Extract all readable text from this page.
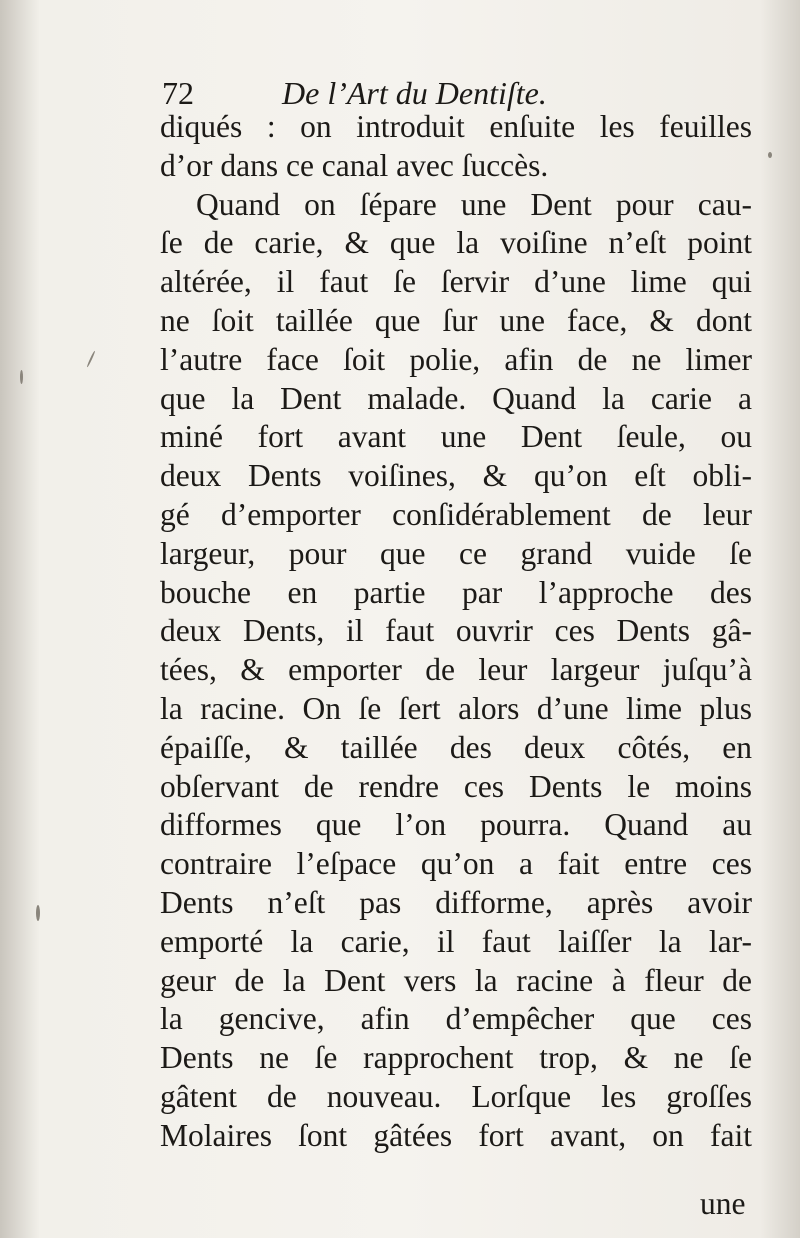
72	De l’Art du Dentiſte.
diqués : on introduit enſuite les feuilles
d’or dans ce canal avec ſuccès.
Quand on ſépare une Dent pour cau-
ſe de carie, & que la voiſine n’eſt point
altérée, il faut ſe ſervir d’une lime qui
ne ſoit taillée que ſur une face, & dont
l’autre face ſoit polie, afin de ne limer
que la Dent malade. Quand la carie a
miné fort avant une Dent ſeule, ou
deux Dents voiſines, & qu’on eſt obli-
gé d’emporter conſidérablement de leur
largeur, pour que ce grand vuide ſe
bouche en partie par l’approche des
deux Dents, il faut ouvrir ces Dents gâ-
tées, & emporter de leur largeur juſqu’à
la racine. On ſe ſert alors d’une lime plus
épaiſſe, & taillée des deux côtés, en
obſervant de rendre ces Dents le moins
difformes que l’on pourra. Quand au
contraire l’eſpace qu’on a fait entre ces
Dents n’eſt pas difforme, après avoir
emporté la carie, il faut laiſſer la lar-
geur de la Dent vers la racine à fleur de
la gencive, afin d’empêcher que ces
Dents ne ſe rapprochent trop, & ne ſe
gâtent de nouveau. Lorſque les groſſes
Molaires ſont gâtées fort avant, on fait
une
